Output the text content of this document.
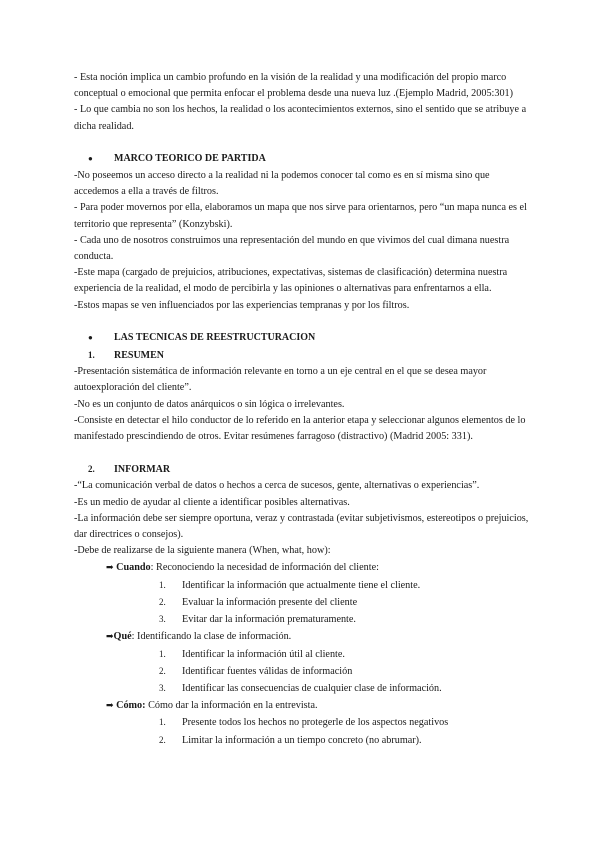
- Esta noción implica un cambio profundo en la visión de la realidad y una modificación del propio marco conceptual o emocional que permita enfocar el problema desde una nueva luz .(Ejemplo Madrid, 2005:301)

- Lo que cambia no son los hechos, la realidad o los acontecimientos externos, sino el sentido que se atribuye a dicha realidad.

●	MARCO TEORICO DE PARTIDA

-No poseemos un acceso directo a la realidad ni la podemos conocer tal como es en sí misma sino que accedemos a ella a través de filtros.

- Para poder movernos por ella, elaboramos un mapa que nos sirve para orientarnos, pero “un mapa nunca es el territorio que representa” (Konzybski).

- Cada uno de nosotros construimos una representación del mundo en que vivimos del cual dimana nuestra conducta.

-Este mapa (cargado de prejuicios, atribuciones, expectativas, sistemas de clasificación) determina nuestra experiencia de la realidad, el modo de percibirla y las opiniones o alternativas para enfrentarnos a ella.

-Estos mapas se ven influenciados por las experiencias tempranas y por los filtros.

●	LAS TECNICAS DE REESTRUCTURACION
1.	RESUMEN

-Presentación sistemática de información relevante en torno a un eje central en el que se desea mayor autoexploración del cliente”.

-No es un conjunto de datos anárquicos o sin lógica o irrelevantes.

-Consiste en detectar el hilo conductor de lo referido en la anterior etapa y seleccionar algunos elementos de lo manifestado prescindiendo de otros. Evitar resúmenes farragoso (distractivo) (Madrid 2005: 331).

2.	INFORMAR

-“La comunicación verbal de datos o hechos a cerca de sucesos, gente, alternativas o experiencias”.

-Es un medio de ayudar al cliente a identificar posibles alternativas.

-La información debe ser siempre oportuna, veraz y contrastada (evitar subjetivismos, estereotipos o prejuicios, dar directrices o consejos).

-Debe de realizarse de la siguiente manera (When, what, how):

➡ Cuando: Reconociendo la necesidad de información del cliente:
1.	Identificar la información que actualmente tiene el cliente.
2.	Evaluar la información presente del cliente
3.	Evitar dar la información prematuramente.
➡Qué: Identificando la clase de información.
1.	Identificar la información útil al cliente.
2.	Identificar fuentes válidas de información
3.	Identificar las consecuencias de cualquier clase de información.
➡ Cómo: Cómo dar la información en la entrevista.
1.	Presente todos los hechos no protegerle de los aspectos negativos
2.	Limitar la información a un tiempo concreto (no abrumar).
